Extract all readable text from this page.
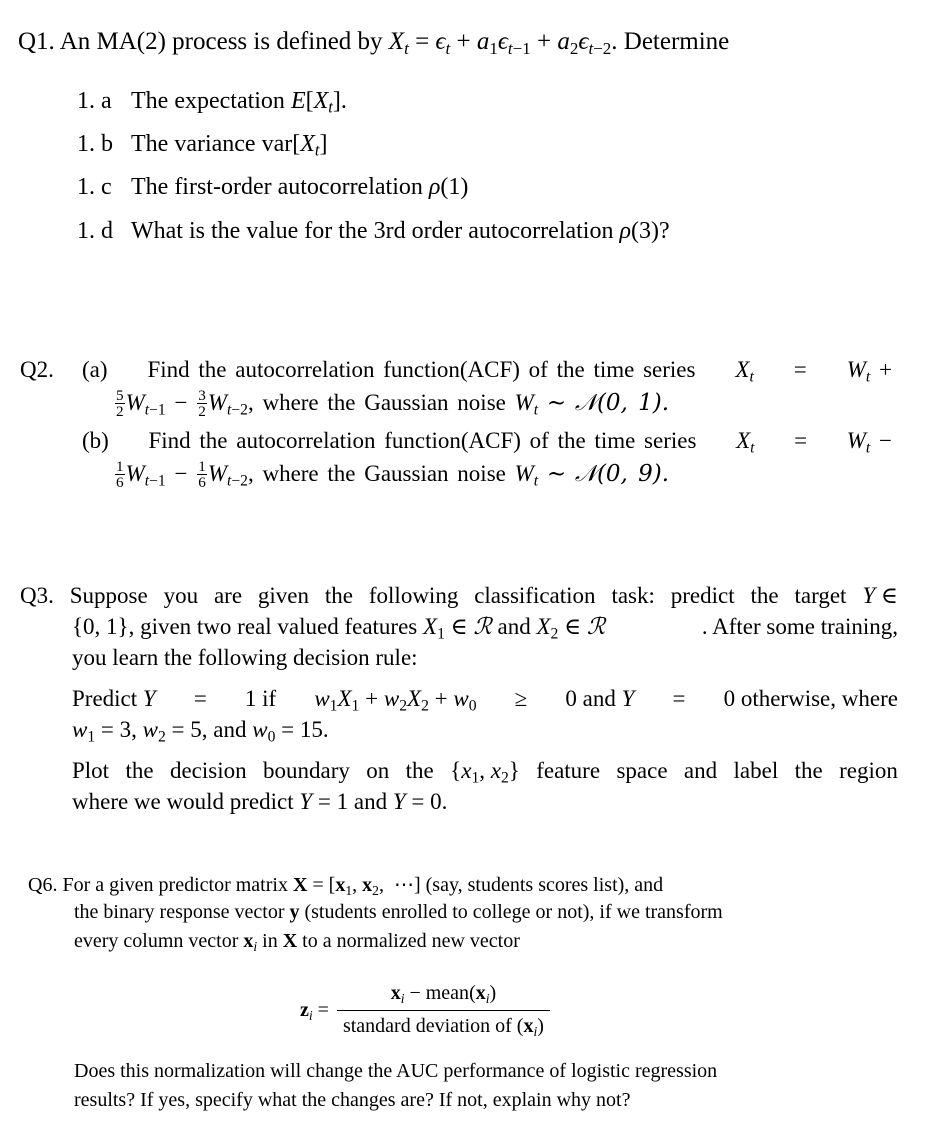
Q1. An MA(2) process is defined by $X_t = \epsilon_t + a_1\epsilon_{t-1} + a_2\epsilon_{t-2}$. Determine
1. a The expectation $E[X_t]$.
1. b The variance $var[X_t]$
1. c The first-order autocorrelation ρ(1)
1. d What is the value for the 3rd order autocorrelation ρ(3)?
Q2. (a) Find the autocorrelation function(ACF) of the time series $X_t = W_t$ +
$\frac{5}{2} W_{t-1} - \frac{3}{2} W_{t-2}$, where the Gaussian noise $W_t$ ∼ 𝒩(0, 1).
(b) Find the autocorrelation function(ACF) of the time series $X_t = W_t$ −
$\frac{1}{6} W_{t-1} - \frac{1}{6} W_{t-2}$, where the Gaussian noise $W_t$ ∼ 𝒩(0, 9).
Q3. Suppose you are given the following classification task: predict the target Y ∈
{0, 1}, given two real valued features $X_1$ ∈ ℛ and $X_2$ ∈ ℛ	. After some training,
you learn the following decision rule:
Predict Y = 1 if $w_1X_1 + w_2X_2 + w_0 \ge 0$ and Y = 0 otherwise, where
$w_1 = 3$, $w_2 = 5$, and $w_0 = 15$.
Plot the decision boundary on the {$x_1$, $x_2$} feature space and label the region
where we would predict Y = 1 and Y = 0.
Q6. For a given predictor matrix $X = [x_1$, $x_2$,  ⋯] (say, students scores list), and
the binary response vector y (students enrolled to college or not), if we transform
every column vector $x_i$ in X to a normalized new vector
$z_i = \frac{x_i - mean(x_i)}{standard deviation of (x_i)}$
Does this normalization will change the AUC performance of logistic regression
results? If yes, specify what the changes are? If not, explain why not?
